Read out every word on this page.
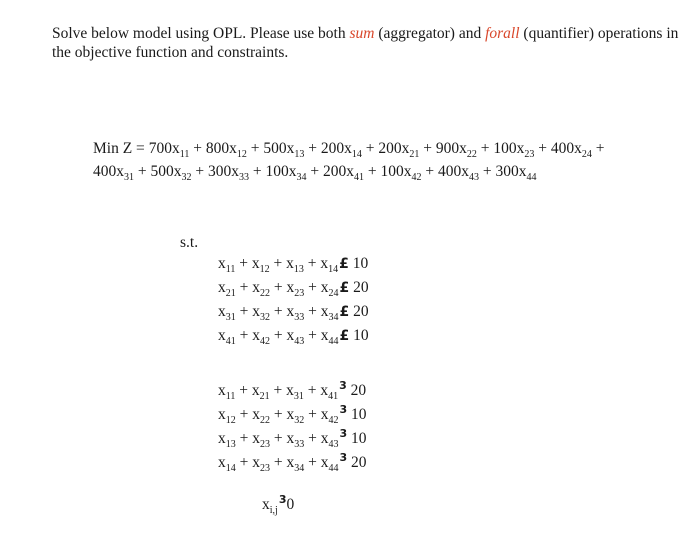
Solve below model using OPL. Please use both sum (aggregator) and forall (quantifier) operations in the objective function and constraints.
Min $Z = 700x_{11} + 800x_{12} + 500x_{13} + 200x_{14} + 200x_{21} + 900x_{22} + 100x_{23} + 400x_{24}$ +
$400x_{31} + 500x_{32} + 300x_{33} + 100x_{34} + 200x_{41} + 100x_{42} + 400x_{43} + 300x_{44}$
s.t.
$x_{11} + x_{12} + x_{13}$ + $x_{14}£$ 10
$x_{21} + x_{22} + x_{23}$ + $x_{24}£$ 20
$x_{31} + x_{32} + x_{33}$ + $x_{34}£$ 20
$x_{41} + x_{42} + x_{43}$ + $x_{44}£$ 10
$x_{11} + x_{21} + x_{31} + x_{41}^3$ 20
$x_{12} + x_{22} + x_{32} + x_{42}^3$ 10
$x_{13} + x_{23} + x_{33} + x_{43}^3$ 10
$x_{14} + x_{23} + x_{34} + x_{44}^3$ 20
$x_{i,j}^30$
